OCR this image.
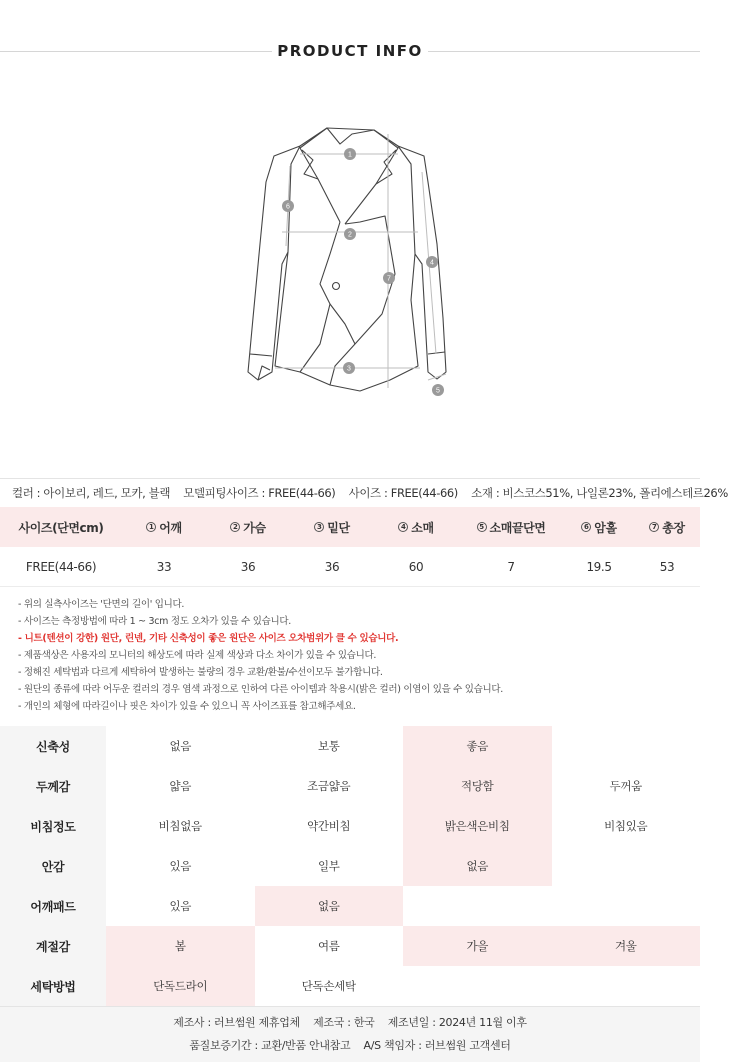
PRODUCT INFO
1
2
3
4
5
6
7
컬러 : 아이보리, 레드, 모카, 블랙 모델피팅사이즈 : FREE(44-66) 사이즈 : FREE(44-66) 소재 : 비스코스51%, 나일론23%, 폴리에스테르26%
사이즈(단면cm)	1 어깨	2 가슴	3 밑단	4 소매	5 소매끝단면	6 암홀	7 총장
FREE(44-66)	33	36	36	60	7	19.5	53
- 위의 실측사이즈는 '단면의 길이' 입니다.
- 사이즈는 측정방법에 따라 1 ~ 3cm 정도 오차가 있을 수 있습니다.
- 니트(텐션이 강한) 원단, 린넨, 기타 신축성이 좋은 원단은 사이즈 오차범위가 클 수 있습니다.
- 제품색상은 사용자의 모니터의 해상도에 따라 실제 색상과 다소 차이가 있을 수 있습니다.
- 정해진 세탁법과 다르게 세탁하여 발생하는 불량의 경우 교환/환불/수선이모두 불가합니다.
- 원단의 종류에 따라 어두운 컬러의 경우 염색 과정으로 인하여 다른 아이템과 착용시(밝은 컬러) 이염이 있을 수 있습니다.
- 개인의 체형에 따라길이나 핏은 차이가 있을 수 있으니 꼭 사이즈표를 참고해주세요.
신축성	없음	보통	좋음
두께감	얇음	조금얇음	적당함	두꺼움
비침정도	비침없음	약간비침	밝은색은비침	비침있음
안감	있음	일부	없음
어깨패드	있음	없음
계절감	봄	여름	가을	겨울
세탁방법	단독드라이	단독손세탁
제조사 : 러브썸원 제휴업체 제조국 : 한국 제조년일 : 2024년 11월 이후
품질보증기간 : 교환/반품 안내참고 A/S 책임자 : 러브썸원 고객센터
